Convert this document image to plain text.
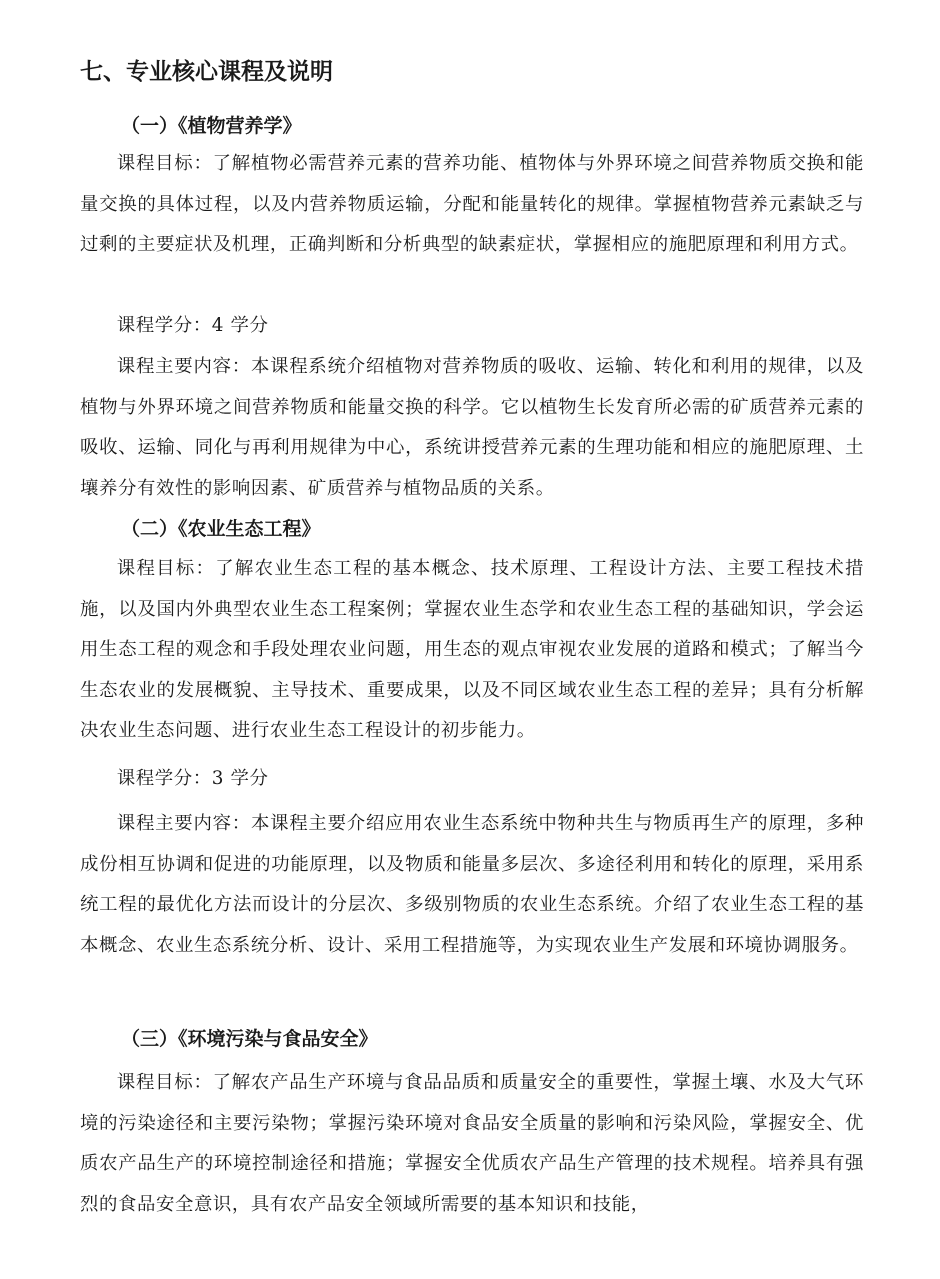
七、专业核心课程及说明
（一）《植物营养学》

课程目标：了解植物必需营养元素的营养功能、植物体与外界环境之间营养物质交换和能量交换的具体过程，以及内营养物质运输，分配和能量转化的规律。掌握植物营养元素缺乏与过剩的主要症状及机理，正确判断和分析典型的缺素症状，掌握相应的施肥原理和利用方式。

课程学分：4 学分

课程主要内容：本课程系统介绍植物对营养物质的吸收、运输、转化和利用的规律，以及植物与外界环境之间营养物质和能量交换的科学。它以植物生长发育所必需的矿质营养元素的吸收、运输、同化与再利用规律为中心，系统讲授营养元素的生理功能和相应的施肥原理、土壤养分有效性的影响因素、矿质营养与植物品质的关系。

（二）《农业生态工程》

课程目标：了解农业生态工程的基本概念、技术原理、工程设计方法、主要工程技术措施，以及国内外典型农业生态工程案例；掌握农业生态学和农业生态工程的基础知识，学会运用生态工程的观念和手段处理农业问题，用生态的观点审视农业发展的道路和模式；了解当今生态农业的发展概貌、主导技术、重要成果，以及不同区域农业生态工程的差异；具有分析解决农业生态问题、进行农业生态工程设计的初步能力。

课程学分：3 学分

课程主要内容：本课程主要介绍应用农业生态系统中物种共生与物质再生产的原理，多种成份相互协调和促进的功能原理，以及物质和能量多层次、多途径利用和转化的原理，采用系统工程的最优化方法而设计的分层次、多级别物质的农业生态系统。介绍了农业生态工程的基本概念、农业生态系统分析、设计、采用工程措施等，为实现农业生产发展和环境协调服务。

（三）《环境污染与食品安全》

课程目标：了解农产品生产环境与食品品质和质量安全的重要性，掌握土壤、水及大气环境的污染途径和主要污染物；掌握污染环境对食品安全质量的影响和污染风险，掌握安全、优质农产品生产的环境控制途径和措施；掌握安全优质农产品生产管理的技术规程。培养具有强烈的食品安全意识，具有农产品安全领域所需要的基本知识和技能，
